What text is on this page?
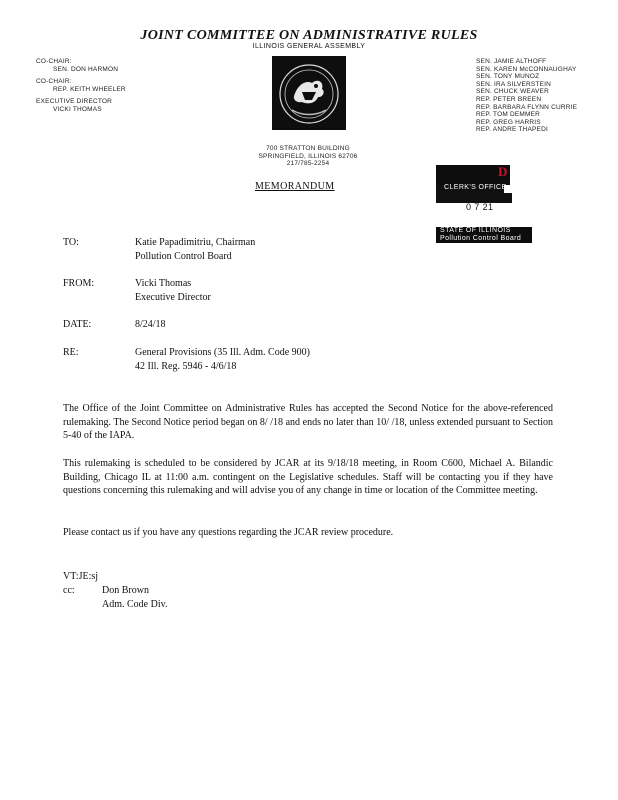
JOINT COMMITTEE ON ADMINISTRATIVE RULES
ILLINOIS GENERAL ASSEMBLY
CO-CHAIR:
SEN. DON HARMON
CO-CHAIR:
REP. KEITH WHEELER
EXECUTIVE DIRECTOR
VICKI THOMAS
SEN. JAMIE ALTHOFF
SEN. KAREN McCONNAUGHAY
SEN. TONY MUNOZ
SEN. IRA SILVERSTEIN
SEN. CHUCK WEAVER
REP. PETER BREEN
REP. BARBARA FLYNN CURRIE
REP. TOM DEMMER
REP. GREG HARRIS
REP. ANDRE THAPEDI
700 STRATTON BUILDING
SPRINGFIELD, ILLINOIS 62706
217/785-2254
MEMORANDUM
D
CLERK'S OFFICE
0 7 21
STATE OF ILLINOIS
Pollution Control Board
TO:	Katie Papadimitriu, Chairman
Pollution Control Board
FROM:	Vicki Thomas
Executive Director
DATE:	8/24/18
RE:	General Provisions (35 Ill. Adm. Code 900)
42 Ill. Reg. 5946 - 4/6/18
The Office of the Joint Committee on Administrative Rules has accepted the Second Notice for the above-referenced rulemaking. The Second Notice period began on 8/ /18 and ends no later than 10/ /18, unless extended pursuant to Section 5-40 of the IAPA.
This rulemaking is scheduled to be considered by JCAR at its 9/18/18 meeting, in Room C600, Michael A. Bilandic Building, Chicago IL at 11:00 a.m. contingent on the Legislative schedules. Staff will be contacting you if they have questions concerning this rulemaking and will advise you of any change in time or location of the Committee meeting.
Please contact us if you have any questions regarding the JCAR review procedure.
VT:JE:sj
cc:	Don Brown
Adm. Code Div.
